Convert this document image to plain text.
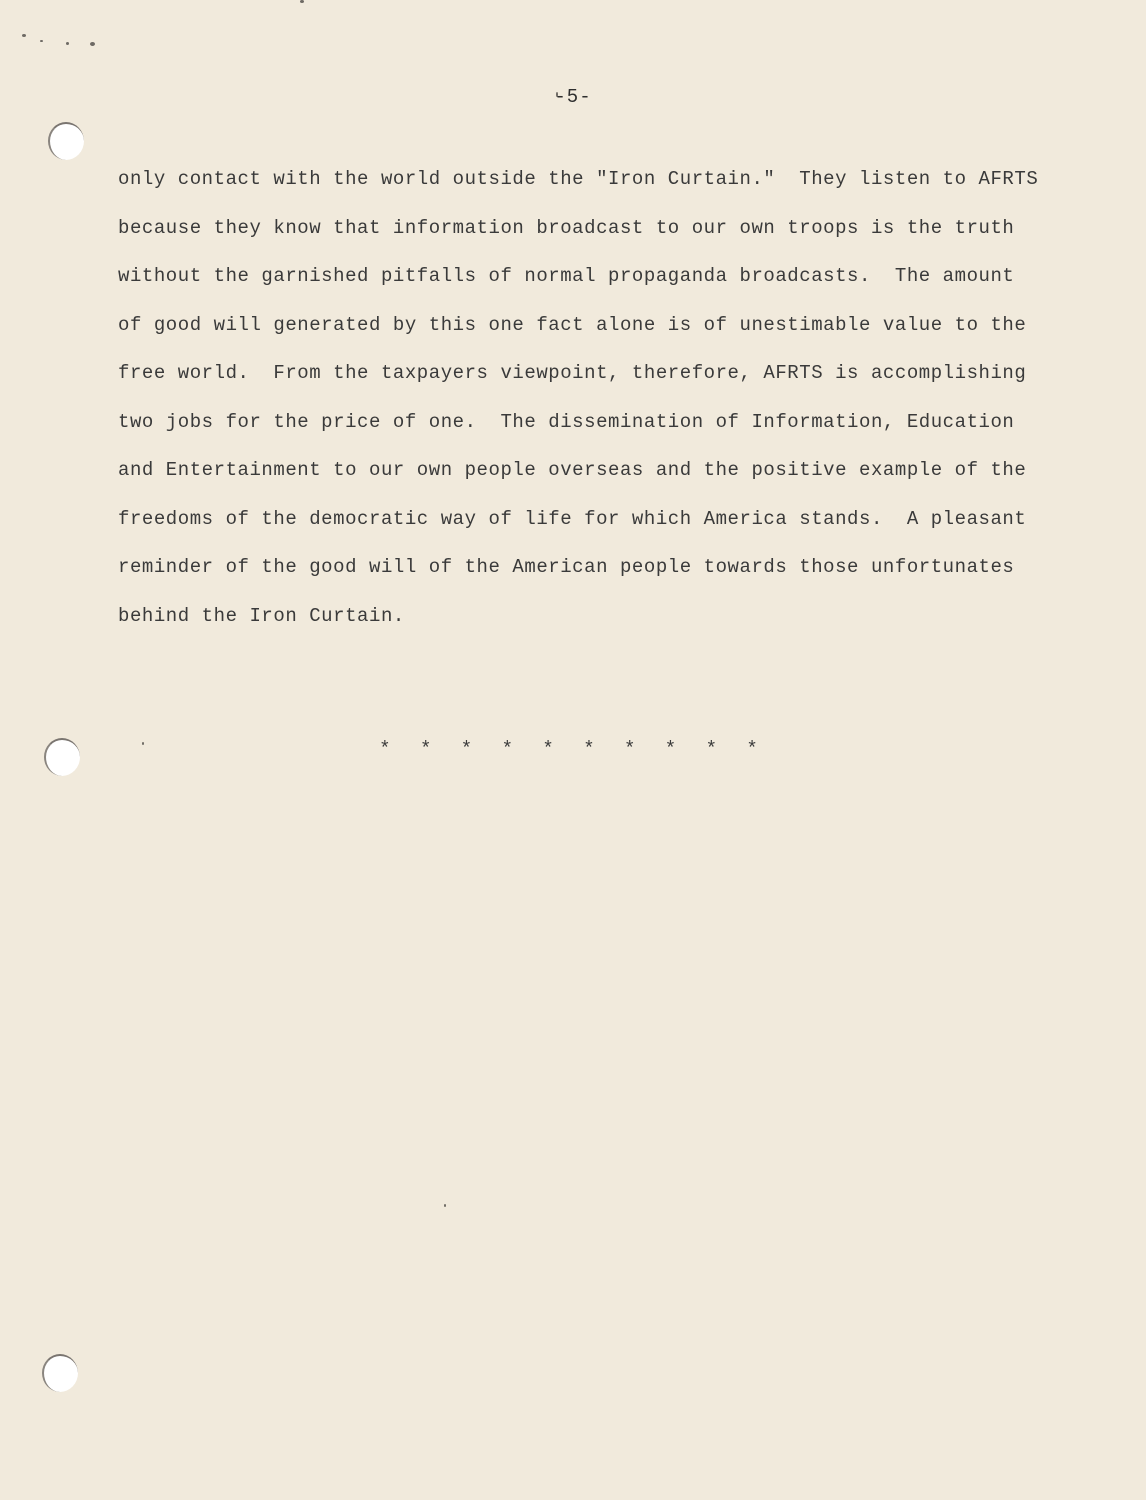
-5-
only contact with the world outside the "Iron Curtain."  They listen to AFRTS
because they know that information broadcast to our own troops is the truth
without the garnished pitfalls of normal propaganda broadcasts.  The amount
of good will generated by this one fact alone is of unestimable value to the
free world.  From the taxpayers viewpoint, therefore, AFRTS is accomplishing
two jobs for the price of one.  The dissemination of Information, Education
and Entertainment to our own people overseas and the positive example of the
freedoms of the democratic way of life for which America stands.  A pleasant
reminder of the good will of the American people towards those unfortunates
behind the Iron Curtain.
* * * * * * * * * *
